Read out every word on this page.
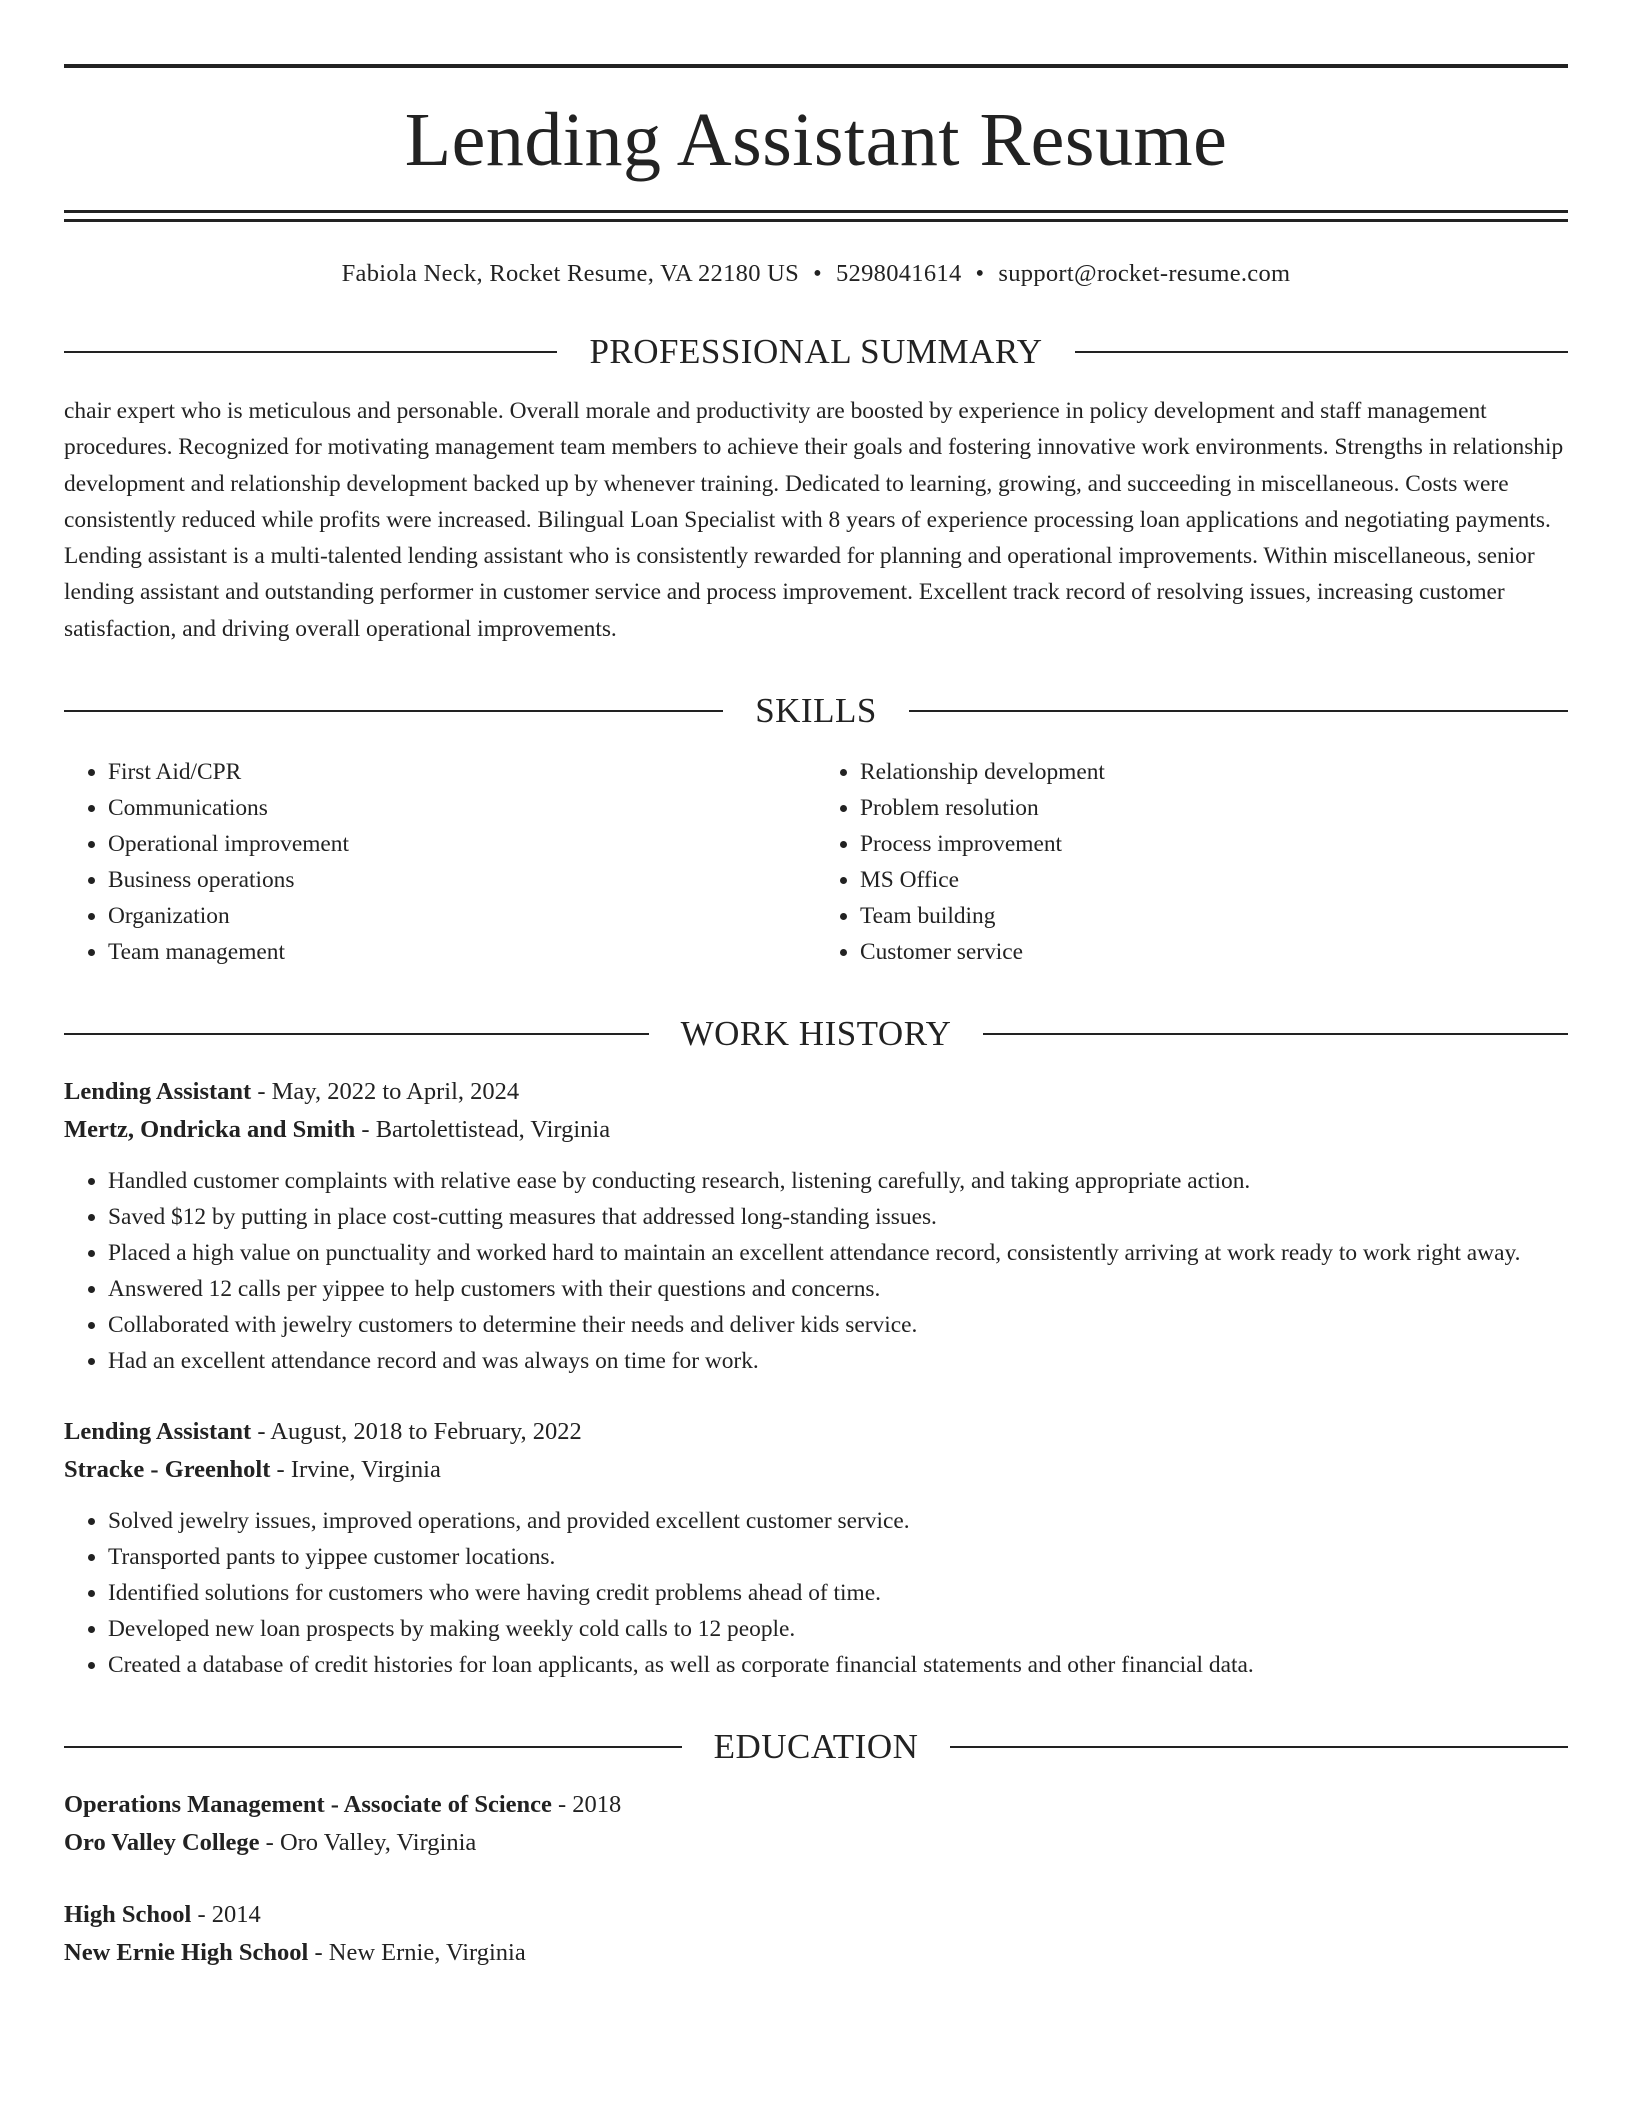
Lending Assistant Resume
Fabiola Neck, Rocket Resume, VA 22180 US • 5298041614 • support@rocket-resume.com
PROFESSIONAL SUMMARY
chair expert who is meticulous and personable. Overall morale and productivity are boosted by experience in policy development and staff management procedures. Recognized for motivating management team members to achieve their goals and fostering innovative work environments. Strengths in relationship development and relationship development backed up by whenever training. Dedicated to learning, growing, and succeeding in miscellaneous. Costs were consistently reduced while profits were increased. Bilingual Loan Specialist with 8 years of experience processing loan applications and negotiating payments. Lending assistant is a multi-talented lending assistant who is consistently rewarded for planning and operational improvements. Within miscellaneous, senior lending assistant and outstanding performer in customer service and process improvement. Excellent track record of resolving issues, increasing customer satisfaction, and driving overall operational improvements.
SKILLS
• First Aid/CPR
• Communications
• Operational improvement
• Business operations
• Organization
• Team management
• Relationship development
• Problem resolution
• Process improvement
• MS Office
• Team building
• Customer service
WORK HISTORY
Lending Assistant - May, 2022 to April, 2024
Mertz, Ondricka and Smith - Bartolettistead, Virginia
• Handled customer complaints with relative ease by conducting research, listening carefully, and taking appropriate action.
• Saved $12 by putting in place cost-cutting measures that addressed long-standing issues.
• Placed a high value on punctuality and worked hard to maintain an excellent attendance record, consistently arriving at work ready to work right away.
• Answered 12 calls per yippee to help customers with their questions and concerns.
• Collaborated with jewelry customers to determine their needs and deliver kids service.
• Had an excellent attendance record and was always on time for work.
Lending Assistant - August, 2018 to February, 2022
Stracke - Greenholt - Irvine, Virginia
• Solved jewelry issues, improved operations, and provided excellent customer service.
• Transported pants to yippee customer locations.
• Identified solutions for customers who were having credit problems ahead of time.
• Developed new loan prospects by making weekly cold calls to 12 people.
• Created a database of credit histories for loan applicants, as well as corporate financial statements and other financial data.
EDUCATION
Operations Management - Associate of Science - 2018
Oro Valley College - Oro Valley, Virginia
High School - 2014
New Ernie High School - New Ernie, Virginia
